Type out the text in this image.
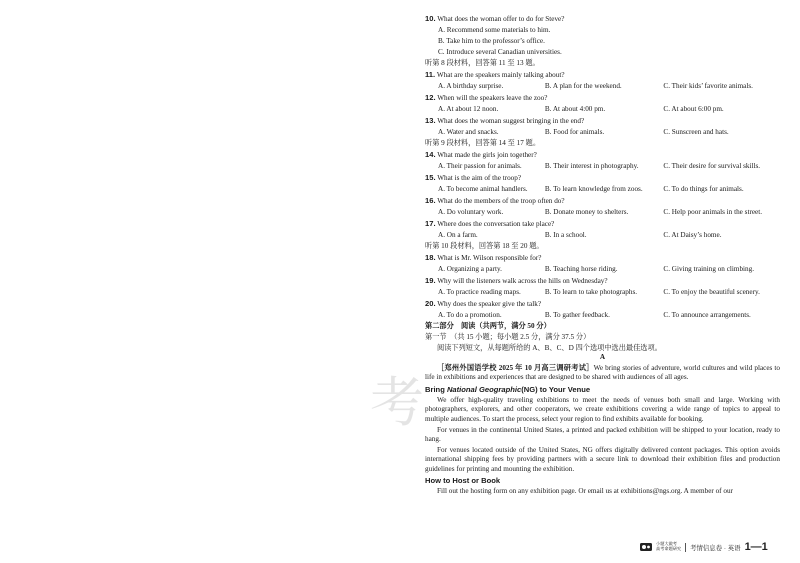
考
10. What does the woman offer to do for Steve?
A. Recommend some materials to him.
B. Take him to the professor’s office.
C. Introduce several Canadian universities.
听第 8 段材料，回答第 11 至 13 题。
11. What are the speakers mainly talking about?
A. A birthday surprise.	B. A plan for the weekend.	C. Their kids’ favorite animals.
12. When will the speakers leave the zoo?
A. At about 12 noon.	B. At about 4:00 pm.	C. At about 6:00 pm.
13. What does the woman suggest bringing in the end?
A. Water and snacks.	B. Food for animals.	C. Sunscreen and hats.
听第 9 段材料，回答第 14 至 17 题。
14. What made the girls join together?
A. Their passion for animals.	B. Their interest in photography.	C. Their desire for survival skills.
15. What is the aim of the troop?
A. To become animal handlers.	B. To learn knowledge from zoos.	C. To do things for animals.
16. What do the members of the troop often do?
A. Do voluntary work.	B. Donate money to shelters.	C. Help poor animals in the street.
17. Where does the conversation take place?
A. On a farm.	B. In a school.	C. At Daisy’s home.
听第 10 段材料，回答第 18 至 20 题。
18. What is Mr. Wilson responsible for?
A. Organizing a party.	B. Teaching horse riding.	C. Giving training on climbing.
19. Why will the listeners walk across the hills on Wednesday?
A. To practice reading maps.	B. To learn to take photographs.	C. To enjoy the beautiful scenery.
20. Why does the speaker give the talk?
A. To do a promotion.	B. To gather feedback.	C. To announce arrangements.
第二部分　阅读（共两节，满分 50 分）
第一节　（共 15 小题；每小题 2.5 分，满分 37.5 分）
阅读下列短文，从每题所给的 A、B、C、D 四个选项中选出最佳选项。
A
［郑州外国语学校 2025 年 10 月高三调研考试］We bring stories of adventure, world cultures and wild places to life in exhibitions and experiences that are designed to be shared with audiences of all ages.
Bring National Geographic(NG) to Your Venue
We offer high-quality traveling exhibitions to meet the needs of venues both small and large. Working with photographers, explorers, and other cooperators, we create exhibitions covering a wide range of topics to appeal to multiple audiences. To start the process, select your region to find exhibits available for booking.
For venues in the continental United States, a printed and packed exhibition will be shipped to your location, ready to hang.
For venues located outside of the United States, NG offers digitally delivered content packages. This option avoids international shipping fees by providing partners with a secure link to download their exhibition files and production guidelines for printing and mounting the exhibition.
How to Host or Book
Fill out the hosting form on any exhibition page. Or email us at exhibitions@ngs.org. A member of our
小题大做考
高考命题研究 考情信息卷 · 英语 1—1
